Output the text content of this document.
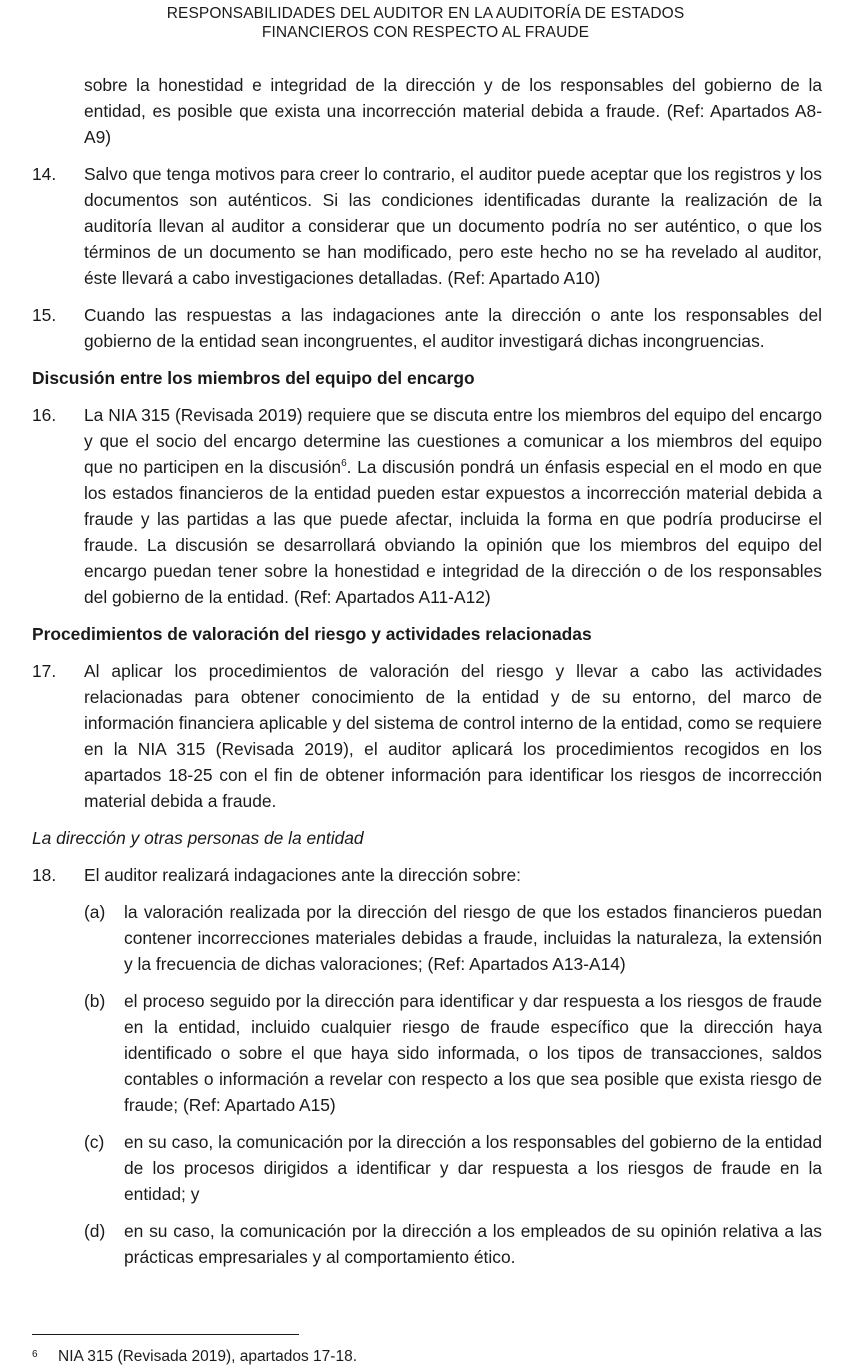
RESPONSABILIDADES DEL AUDITOR EN LA AUDITORÍA DE ESTADOS
FINANCIEROS CON RESPECTO AL FRAUDE
sobre la honestidad e integridad de la dirección y de los responsables del gobierno de la entidad, es posible que exista una incorrección material debida a fraude. (Ref: Apartados A8-A9)
14. Salvo que tenga motivos para creer lo contrario, el auditor puede aceptar que los registros y los documentos son auténticos. Si las condiciones identificadas durante la realización de la auditoría llevan al auditor a considerar que un documento podría no ser auténtico, o que los términos de un documento se han modificado, pero este hecho no se ha revelado al auditor, éste llevará a cabo investigaciones detalladas. (Ref: Apartado A10)
15. Cuando las respuestas a las indagaciones ante la dirección o ante los responsables del gobierno de la entidad sean incongruentes, el auditor investigará dichas incongruencias.
Discusión entre los miembros del equipo del encargo
16. La NIA 315 (Revisada 2019) requiere que se discuta entre los miembros del equipo del encargo y que el socio del encargo determine las cuestiones a comunicar a los miembros del equipo que no participen en la discusión$^6$. La discusión pondrá un énfasis especial en el modo en que los estados financieros de la entidad pueden estar expuestos a incorrección material debida a fraude y las partidas a las que puede afectar, incluida la forma en que podría producirse el fraude. La discusión se desarrollará obviando la opinión que los miembros del equipo del encargo puedan tener sobre la honestidad e integridad de la dirección o de los responsables del gobierno de la entidad. (Ref: Apartados A11-A12)
Procedimientos de valoración del riesgo y actividades relacionadas
17. Al aplicar los procedimientos de valoración del riesgo y llevar a cabo las actividades relacionadas para obtener conocimiento de la entidad y de su entorno, del marco de información financiera aplicable y del sistema de control interno de la entidad, como se requiere en la NIA 315 (Revisada 2019), el auditor aplicará los procedimientos recogidos en los apartados 18-25 con el fin de obtener información para identificar los riesgos de incorrección material debida a fraude.
La dirección y otras personas de la entidad
18. El auditor realizará indagaciones ante la dirección sobre:
(a) la valoración realizada por la dirección del riesgo de que los estados financieros puedan contener incorrecciones materiales debidas a fraude, incluidas la naturaleza, la extensión y la frecuencia de dichas valoraciones; (Ref: Apartados A13-A14)
(b) el proceso seguido por la dirección para identificar y dar respuesta a los riesgos de fraude en la entidad, incluido cualquier riesgo de fraude específico que la dirección haya identificado o sobre el que haya sido informada, o los tipos de transacciones, saldos contables o información a revelar con respecto a los que sea posible que exista riesgo de fraude; (Ref: Apartado A15)
(c) en su caso, la comunicación por la dirección a los responsables del gobierno de la entidad de los procesos dirigidos a identificar y dar respuesta a los riesgos de fraude en la entidad; y
(d) en su caso, la comunicación por la dirección a los empleados de su opinión relativa a las prácticas empresariales y al comportamiento ético.
6 NIA 315 (Revisada 2019), apartados 17-18.
